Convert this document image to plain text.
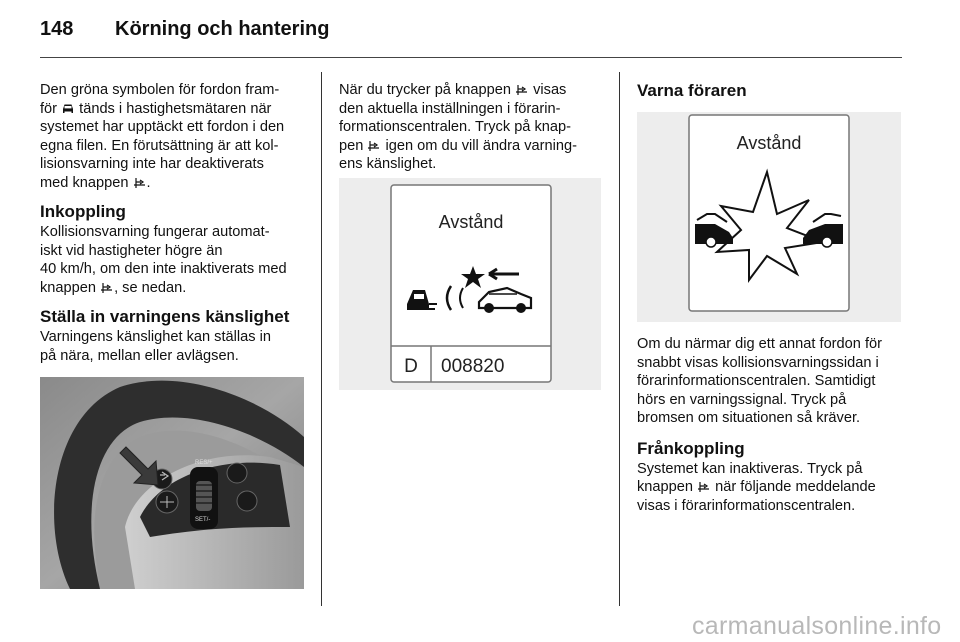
148 Körning och hantering

Den gröna symbolen för fordon fram-
för tänds i hastighetsmätaren när
systemet har upptäckt ett fordon i den
egna filen. En förutsättning är att kol-
lisionsvarning inte har deaktiverats
med knappen .

Inkoppling

Kollisionsvarning fungerar automat-
iskt vid hastigheter högre än
40 km/h, om den inte inaktiverats med
knappen , se nedan.

Ställa in varningens känslighet

Varningens känslighet kan ställas in
på nära, mellan eller avlägsen.

RES/+
SET/-

När du trycker på knappen visas
den aktuella inställningen i förarin-
formationscentralen. Tryck på knap-
pen igen om du vill ändra varning-
ens känslighet.

Avstånd
D 008820
Varna föraren
Avstånd

Om du närmar dig ett annat fordon för
snabbt visas kollisionsvarningssidan i
förarinformationscentralen. Samtidigt
hörs en varningssignal. Tryck på
bromsen om situationen så kräver.

Frånkoppling

Systemet kan inaktiveras. Tryck på
knappen när följande meddelande
visas i förarinformationscentralen.

carmanualsonline.info
